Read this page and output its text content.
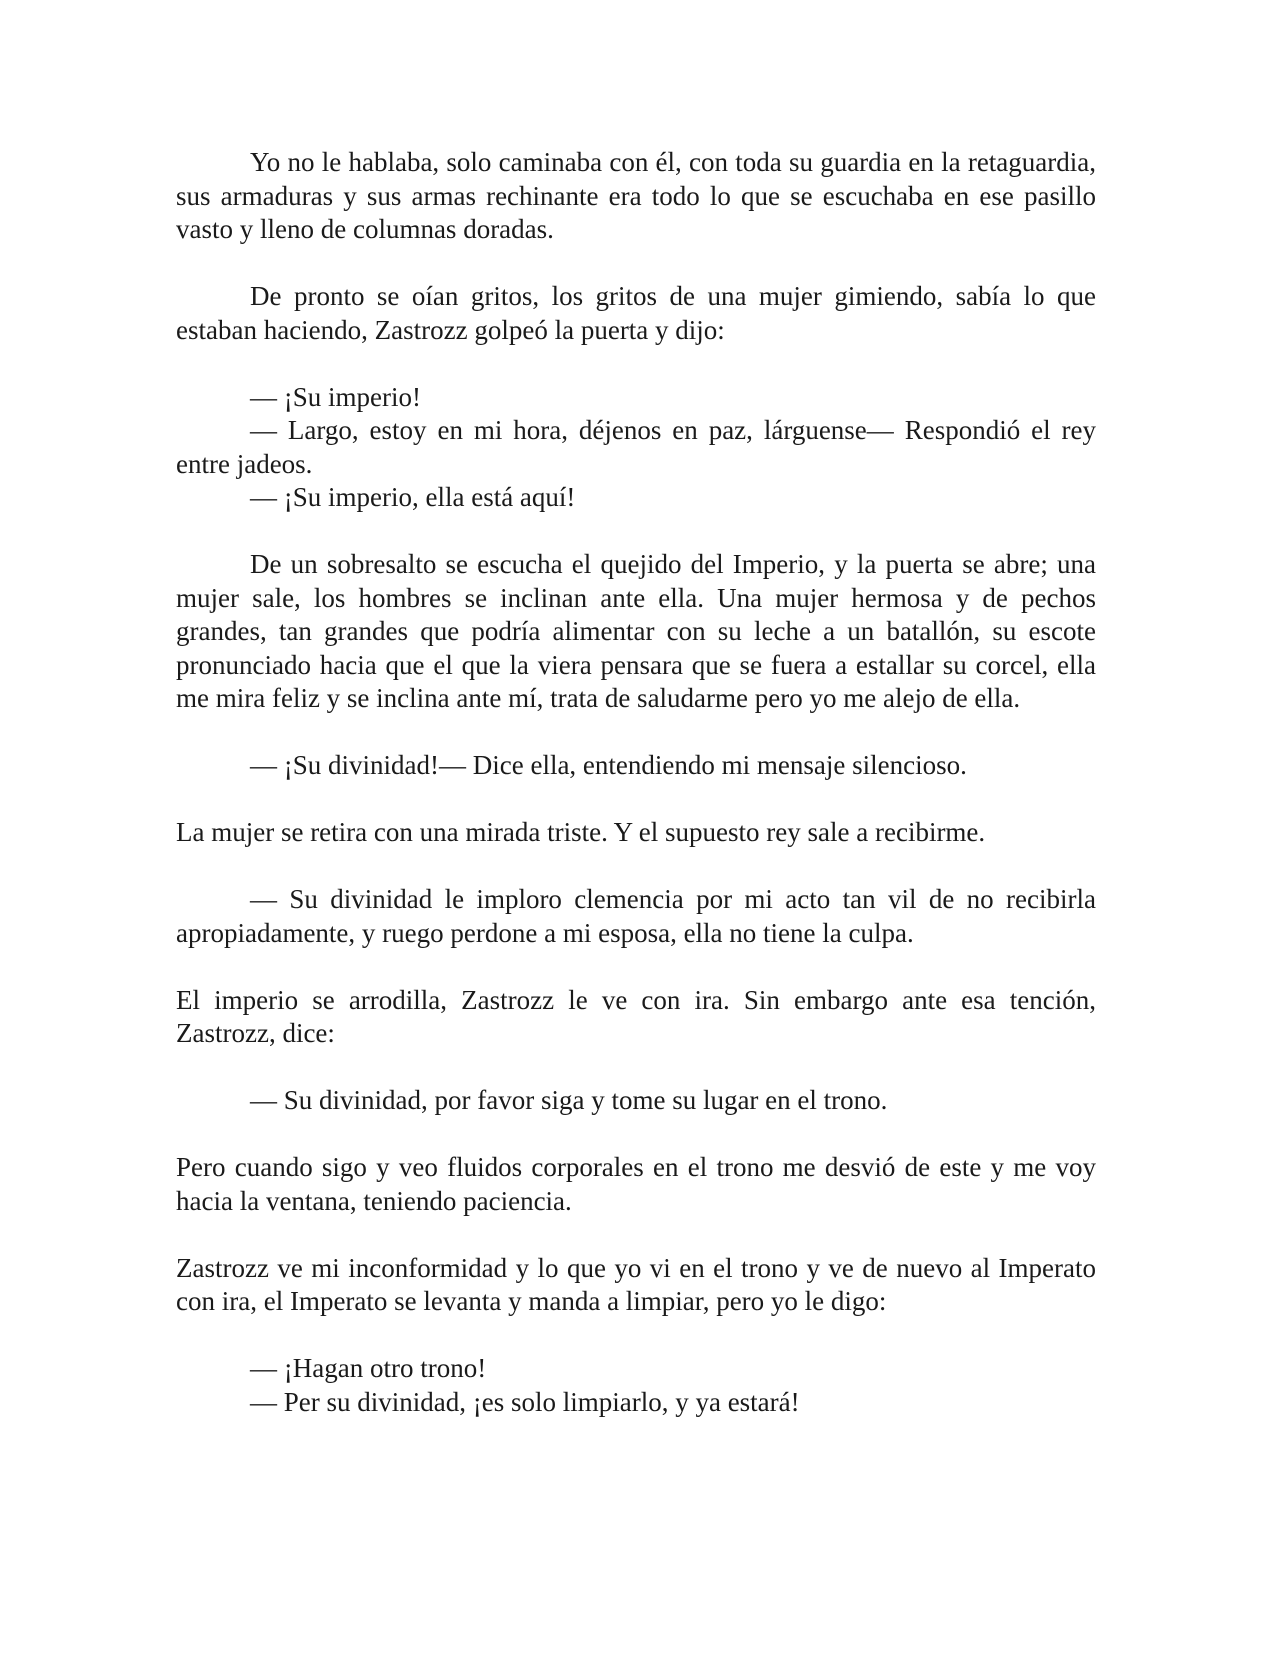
Yo no le hablaba, solo caminaba con él, con toda su guardia en la retaguardia, sus armaduras y sus armas rechinante era todo lo que se escuchaba en ese pasillo vasto y lleno de columnas doradas.

De pronto se oían gritos, los gritos de una mujer gimiendo, sabía lo que estaban haciendo, Zastrozz golpeó la puerta y dijo:

— ¡Su imperio!

— Largo, estoy en mi hora, déjenos en paz, lárguense— Respondió el rey entre jadeos.

— ¡Su imperio, ella está aquí!

De un sobresalto se escucha el quejido del Imperio, y la puerta se abre; una mujer sale, los hombres se inclinan ante ella. Una mujer hermosa y de pechos grandes, tan grandes que podría alimentar con su leche a un batallón, su escote pronunciado hacia que el que la viera pensara que se fuera a estallar su corcel, ella me mira feliz y se inclina ante mí, trata de saludarme pero yo me alejo de ella.

— ¡Su divinidad!— Dice ella, entendiendo mi mensaje silencioso.

La mujer se retira con una mirada triste. Y el supuesto rey sale a recibirme.

— Su divinidad le imploro clemencia por mi acto tan vil de no recibirla apropiadamente, y ruego perdone a mi esposa, ella no tiene la culpa.

El imperio se arrodilla, Zastrozz le ve con ira. Sin embargo ante esa tención, Zastrozz, dice:

— Su divinidad, por favor siga y tome su lugar en el trono.

Pero cuando sigo y veo fluidos corporales en el trono me desvió de este y me voy hacia la ventana, teniendo paciencia.

Zastrozz ve mi inconformidad y lo que yo vi en el trono y ve de nuevo al Imperato con ira, el Imperato se levanta y manda a limpiar, pero yo le digo:

— ¡Hagan otro trono!

— Per su divinidad, ¡es solo limpiarlo, y ya estará!
